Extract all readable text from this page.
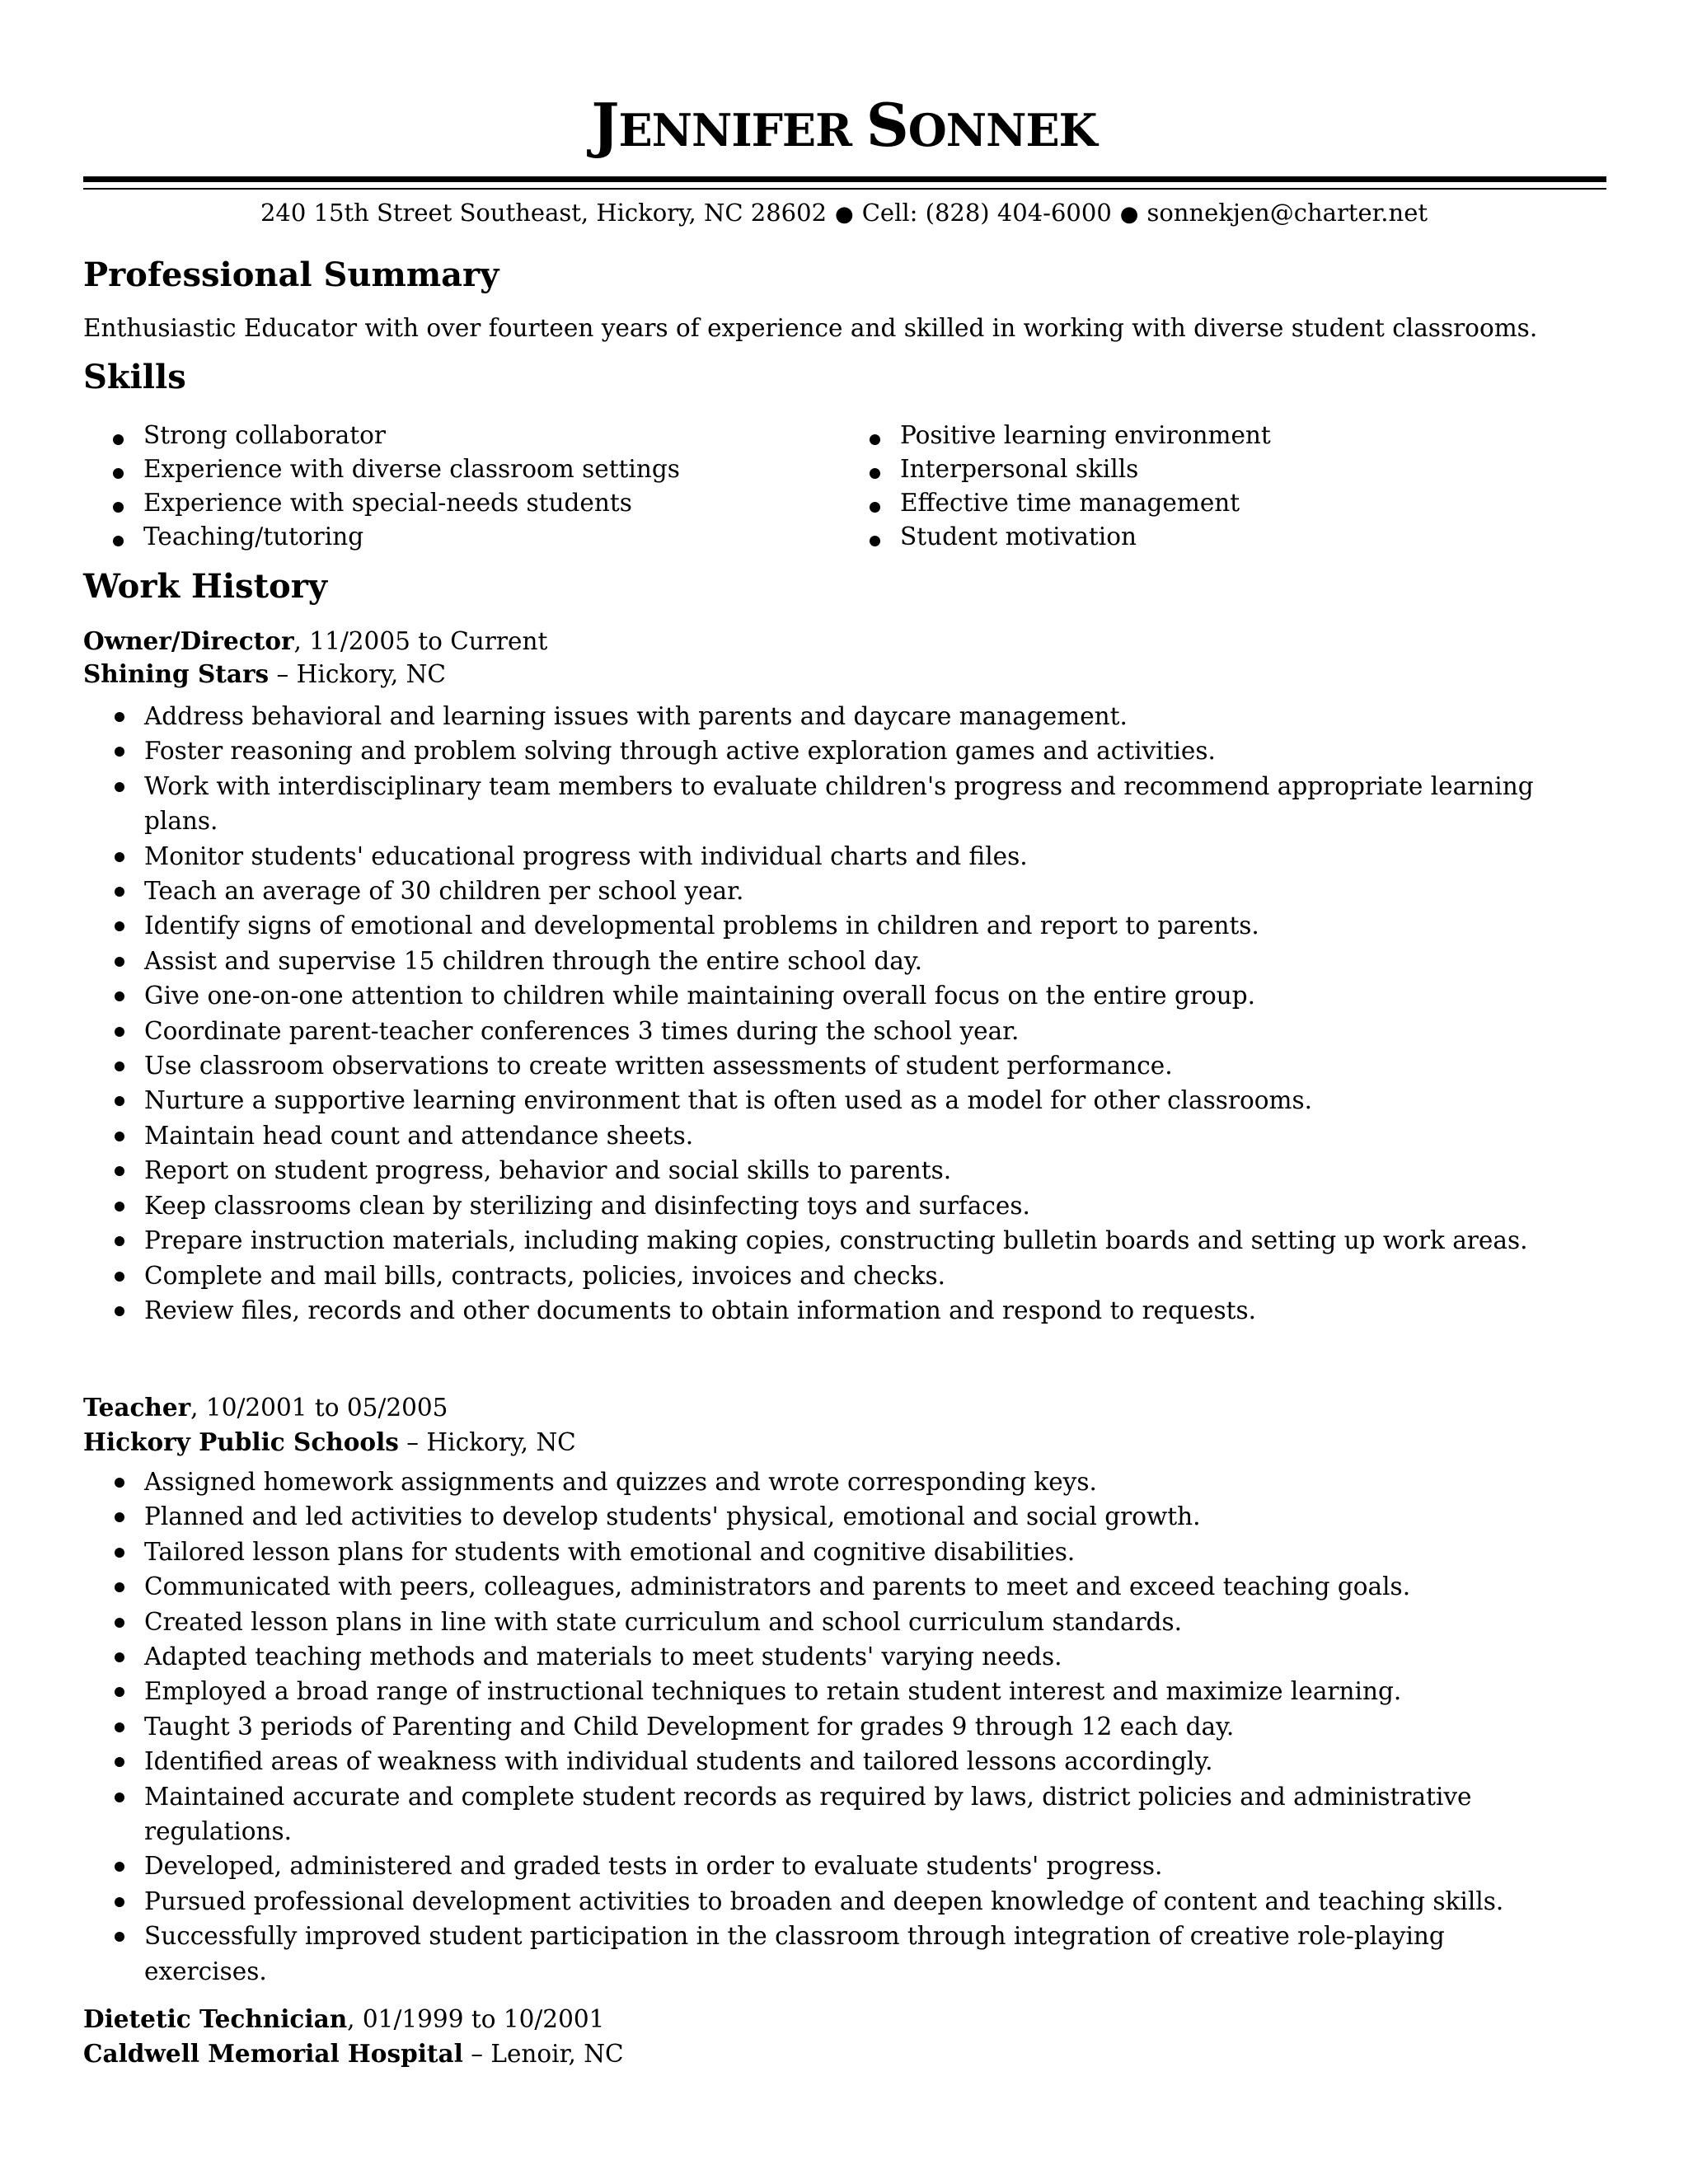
JENNIFER SONNEK
240 15th Street Southeast, Hickory, NC 28602 ● Cell: (828) 404-6000 ● sonnekjen@charter.net
Professional Summary
Enthusiastic Educator with over fourteen years of experience and skilled in working with diverse student classrooms.
Skills
Strong collaborator
Experience with diverse classroom settings
Experience with special-needs students
Teaching/tutoring
Positive learning environment
Interpersonal skills
Effective time management
Student motivation
Work History
Owner/Director, 11/2005 to Current
Shining Stars – Hickory, NC
Address behavioral and learning issues with parents and daycare management.
Foster reasoning and problem solving through active exploration games and activities.
Work with interdisciplinary team members to evaluate children's progress and recommend appropriate learning plans.
Monitor students' educational progress with individual charts and files.
Teach an average of 30 children per school year.
Identify signs of emotional and developmental problems in children and report to parents.
Assist and supervise 15 children through the entire school day.
Give one-on-one attention to children while maintaining overall focus on the entire group.
Coordinate parent-teacher conferences 3 times during the school year.
Use classroom observations to create written assessments of student performance.
Nurture a supportive learning environment that is often used as a model for other classrooms.
Maintain head count and attendance sheets.
Report on student progress, behavior and social skills to parents.
Keep classrooms clean by sterilizing and disinfecting toys and surfaces.
Prepare instruction materials, including making copies, constructing bulletin boards and setting up work areas.
Complete and mail bills, contracts, policies, invoices and checks.
Review files, records and other documents to obtain information and respond to requests.
Teacher, 10/2001 to 05/2005
Hickory Public Schools – Hickory, NC
Assigned homework assignments and quizzes and wrote corresponding keys.
Planned and led activities to develop students' physical, emotional and social growth.
Tailored lesson plans for students with emotional and cognitive disabilities.
Communicated with peers, colleagues, administrators and parents to meet and exceed teaching goals.
Created lesson plans in line with state curriculum and school curriculum standards.
Adapted teaching methods and materials to meet students' varying needs.
Employed a broad range of instructional techniques to retain student interest and maximize learning.
Taught 3 periods of Parenting and Child Development for grades 9 through 12 each day.
Identified areas of weakness with individual students and tailored lessons accordingly.
Maintained accurate and complete student records as required by laws, district policies and administrative regulations.
Developed, administered and graded tests in order to evaluate students' progress.
Pursued professional development activities to broaden and deepen knowledge of content and teaching skills.
Successfully improved student participation in the classroom through integration of creative role-playing exercises.
Dietetic Technician, 01/1999 to 10/2001
Caldwell Memorial Hospital – Lenoir, NC
